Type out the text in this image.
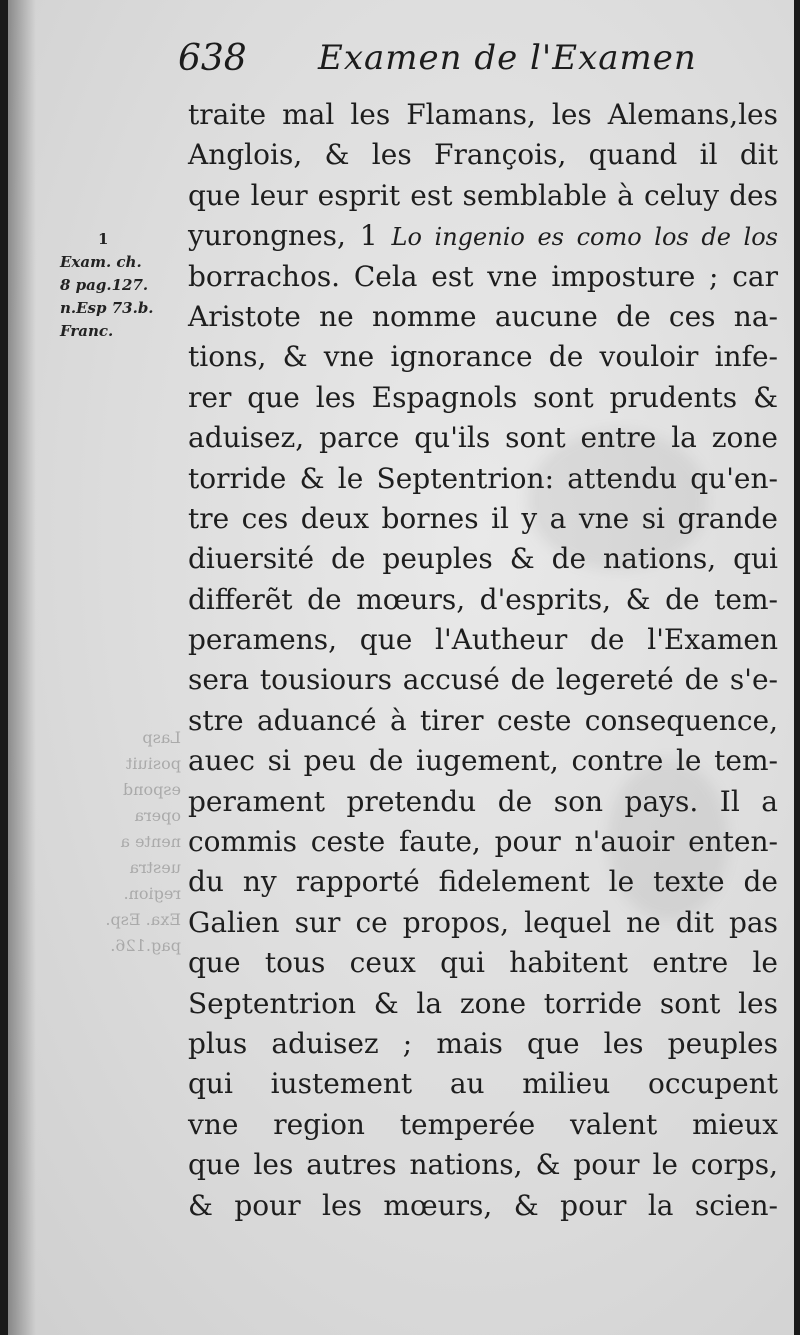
638 Examen de l'Examen
1
Exam. ch.
8 pag.127.
n.Esp 73.b.
Franc.
Lasp
posiuit
espond
opera
nente a
uestra
region.
Exa. Esp.
pag.126.
traite mal les Flamans, les Alemans,les
Anglois, & les François, quand il dit
que leur esprit est semblable à celuy des
yurongnes, 1 Lo ingenio es como los de los
borrachos. Cela est vne imposture ; car
Aristote ne nomme aucune de ces na-
tions, & vne ignorance de vouloir infe-
rer que les Espagnols sont prudents &
aduisez, parce qu'ils sont entre la zone
torride & le Septentrion: attendu qu'en-
tre ces deux bornes il y a vne si grande
diuersité de peuples & de nations, qui
differẽt de mœurs, d'esprits, & de tem-
peramens, que l'Autheur de l'Examen
sera tousiours accusé de legereté de s'e-
stre aduancé à tirer ceste consequence,
auec si peu de iugement, contre le tem-
perament pretendu de son pays. Il a
commis ceste faute, pour n'auoir enten-
du ny rapporté fidelement le texte de
Galien sur ce propos, lequel ne dit pas
que tous ceux qui habitent entre le
Septentrion & la zone torride sont les
plus aduisez ; mais que les peuples
qui iustement au milieu occupent
vne region temperée valent mieux
que les autres nations, & pour le corps,
& pour les mœurs, & pour la scien-
